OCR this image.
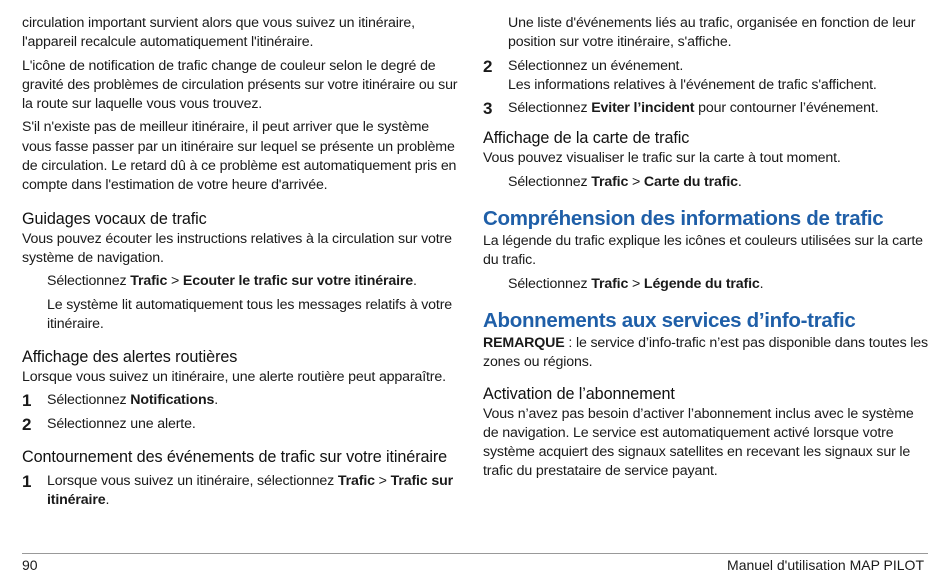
circulation important survient alors que vous suivez un itinéraire, l'appareil recalcule automatiquement l'itinéraire.

L'icône de notification de trafic change de couleur selon le degré de gravité des problèmes de circulation présents sur votre itinéraire ou sur la route sur laquelle vous vous trouvez.

S'il n'existe pas de meilleur itinéraire, il peut arriver que le système vous fasse passer par un itinéraire sur lequel se présente un problème de circulation. Le retard dû à ce problème est automatiquement pris en compte dans l'estimation de votre heure d'arrivée.

Guidages vocaux de trafic

Vous pouvez écouter les instructions relatives à la circulation sur votre système de navigation.

Sélectionnez Trafic > Ecouter le trafic sur votre itinéraire.

Le système lit automatiquement tous les messages relatifs à votre itinéraire.

Affichage des alertes routières

Lorsque vous suivez un itinéraire, une alerte routière peut apparaître.

1	Sélectionnez Notifications.

2	Sélectionnez une alerte.

Contournement des événements de trafic sur votre itinéraire
1	Lorsque vous suivez un itinéraire, sélectionnez Trafic > Trafic sur itinéraire.

Une liste d'événements liés au trafic, organisée en fonction de leur position sur votre itinéraire, s'affiche.

2	Sélectionnez un événement.

Les informations relatives à l'événement de trafic s'affichent.

3	Sélectionnez Eviter l’incident pour contourner l’événement.

Affichage de la carte de trafic

Vous pouvez visualiser le trafic sur la carte à tout moment.

Sélectionnez Trafic > Carte du trafic.

Compréhension des informations de trafic

La légende du trafic explique les icônes et couleurs utilisées sur la carte du trafic.

Sélectionnez Trafic > Légende du trafic.

Abonnements aux services d’info-trafic

REMARQUE : le service d’info-trafic n’est pas disponible dans toutes les zones ou régions.

Activation de l’abonnement

Vous n’avez pas besoin d’activer l’abonnement inclus avec le système de navigation. Le service est automatiquement activé lorsque votre système acquiert des signaux satellites en recevant les signaux sur le trafic du prestataire de service payant.

90	Manuel d'utilisation MAP PILOT
